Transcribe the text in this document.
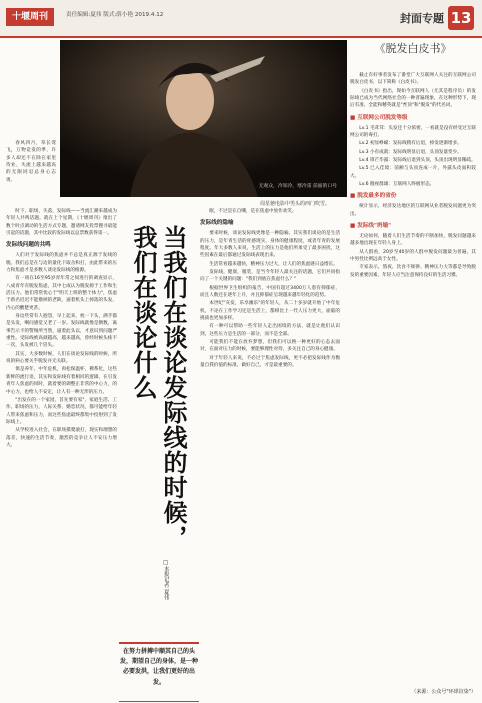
十堰周刊	责任编辑:夏伟 版式:薛小艳 2019.4.12	封面专题 13
无观众，冷知冷，寒冷雷 前面的口号
周星驰电影中男头的西门吹雪。

春风四月，草长莺飞，万物竞发的季，许多人却还不在除在家里待业，失流上越来越高的无限同忍总身心志勇。

时下，职场，失落，发际线——当流汇潮来越成为年轻人共鸣话题。就在上个星期，《十堰周刊》推出了数个时点调动的生活方式专题，邀请网友投票搜寻最能引起的话题，其中比较的发际线以总票数获得第一。

发际线问题的共鸣

人们对于发际线的焦虑并不总是真正源于发线的脱。我们总是在与边的量化下取舍和打，由此带来的压力和焦虑才是多数人谈论发际线的根源。

有一项在16至95岁青年常之间进行的调查显示，八成青年有脱发焦虑，其中七成认为脱发源于工作和生活压力。他们常常忧心于"明天上班的整个体力"，焦虑于新名迟迟不能撸掉的老缺，逼着机头上掉落的头发，内心的酸楚更甚。

身边些常有人抱怨，早上起来，枕一下头，满手都是头发，啊问感觉又老了一岁。发际线就像是倒数，离事告示卡的警惕所当然，逼着此头以，才意识到问题严重性。受际线被高颜越高，越来越高，曾经时候头疼不一次，头发被几个冒头。

其实，大多数时候，人们在谈论发际线的时候，所说的病心要关乎脱发并无关联。

俱是养年，中年危机，肉松保温杯，佛系化，这些新鲜的流行语，其实和发际线有着相同的逻辑，在引发青年人焦虑的同时，就着要的调整正非常的中心力，的中心力，也给人不安定，让人有一种无形的压力。

"出发在的一个家园，首先要有家"，家庭生活、工作、职场的压力，人际关系、婚恋状况，都可能给年轻人带来焦虑和压力，而这些焦虑最终都集中投射到了发际线上。

从学校进入社会，在职场摸爬滚打，现实和理想的落差，快速的生活节奏，激烈的竞争让人不安压力增大。	当我们在谈论发际线的时候，我们在谈论什么
□本报记者 夏伟
在努力拼搏中顺其自己的头发，期望自己的身体，是一种必要发洪，让我们更好的出发。

眠，不过是在自嘲，是在焦虑中放作欢笑。

发际线的隐喻

要来时候，谈论发际线更像是一种隐喻。其实我们谈论的是生活的压力，是年青生活的骨感现实，身体的健康程度，或者年青的发展程度。年大多数人来说，生活上的压力是他们所承受了最多困扰，这些因素在最后都通过发际线表现出来。

生活常看越来越快，精神压力过大，让人们的焦虑感日益增长。

发际线，健康，服装，是当今年轻人最关注的话题，它们共同指向了一个关键的问题："我们到底在焦虑什么？"

根据世界卫生组织的报告，中国有超过3400万人患有抑郁症，而且人数还在逐年上升，并且抑郁症呈现越来越年轻化的趋势。

本世纪"灰发，乐享幽乐"的年轻人，从二十多岁就开始了中年危机，不论在工作学习还是生活上，都相比上一代人压力更大，面临的挑战也更加多样。

有一种可以帮助一些年轻人走出困境的方法，就是让他们认识到，这些压力是生活的一部分，而不是全部。

可能我们不能在放弃梦想，但我们可以换一种更好的心态去面对，在面对压力的时候，要能够理性对待，多关注自己的身心健康。

对于年轻人来说，不必过于焦虑发际线，更不必把发际线作为衡量自我价值的标准，做好自己，才是最重要的。

《脱发白皮书》

截止有好事者发布了番堂广大互联网人关注的互联网公司脱发白皮书，以下简称《白皮书》。

《白皮书》指出，现如今互联网人（尤其是程序员）的发际线已成为当代网络社会的一种普遍现象，在这种形势下，现后有准、全能和精英就是"秃顶"和"脱发"的代名词。

■ 互联网公司脱发等级

Lv.1 毛茸茸：头发还十分浓密，一看就是没有经受过互联网公司的毒打。

Lv.2 初显峥嵘：发际线稍有后退，掉发逐渐增多。

Lv.3 小有成就：发际线明显后退，头顶发量变少。

Lv.4 锋芒毕露：发际线后退到头顶，头顶出现明显稀疏。

Lv.5 已入佳境：前额与头顶连成一片，外露头皮面积较大。

Lv.6 傲视群雄：互联网人终极形态。

■ 脱发最多的省份

统计显示，经济发达地区的互联网从业者脱发问题更为突出。

■ 发际线"坍塌"

无论如何，随着人们生活节奏的不断加快，脱发问题越来越多地出现在年轻人身上。

从人群看，20岁至40岁的人群中脱发问题最为普遍，其中男性比例远高于女性。

专家表示，熬夜、饮食不规律、精神压力大等都是导致脱发的重要因素，年轻人应当注意保持良好的生活习惯。

（来源：公众号"环球渲染"）
